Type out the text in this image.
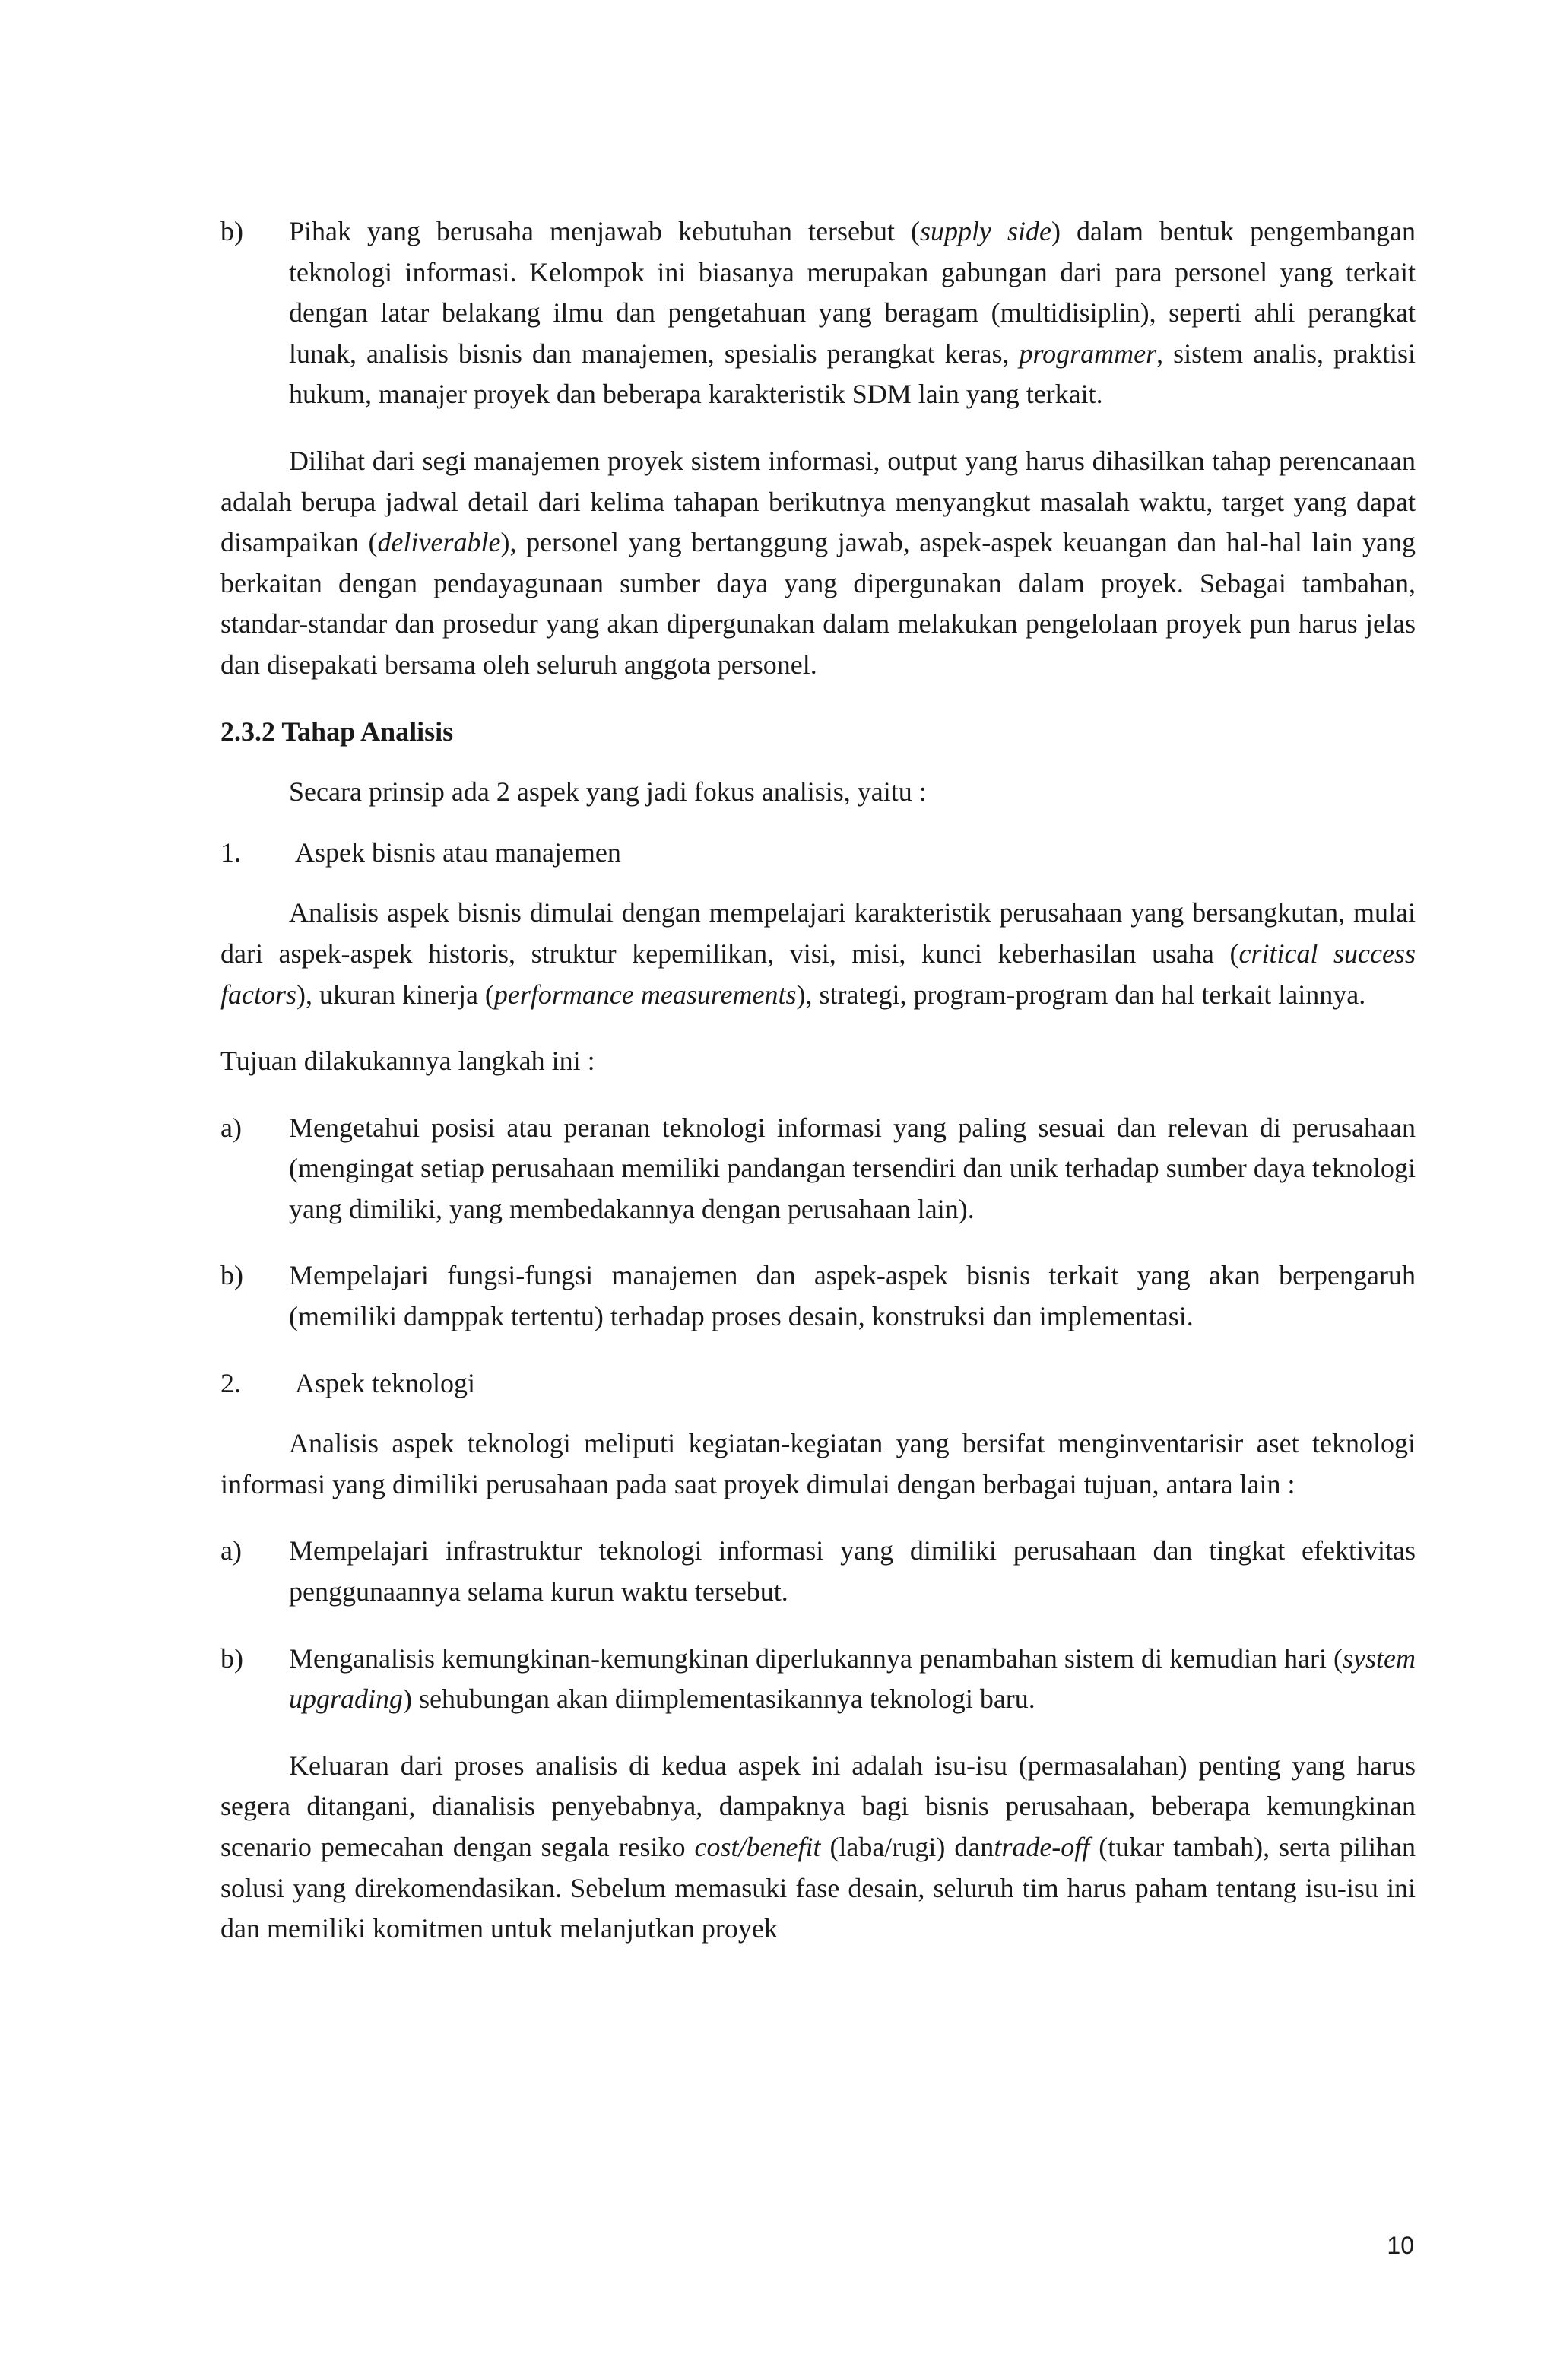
b)	Pihak yang berusaha menjawab kebutuhan tersebut (supply side) dalam bentuk pengembangan teknologi informasi. Kelompok ini biasanya merupakan gabungan dari para personel yang terkait dengan latar belakang ilmu dan pengetahuan yang beragam (multidisiplin), seperti ahli perangkat lunak, analisis bisnis dan manajemen, spesialis perangkat keras, programmer, sistem analis, praktisi hukum, manajer proyek dan beberapa karakteristik SDM lain yang terkait.

Dilihat dari segi manajemen proyek sistem informasi, output yang harus dihasilkan tahap perencanaan adalah berupa jadwal detail dari kelima tahapan berikutnya menyangkut masalah waktu, target yang dapat disampaikan (deliverable), personel yang bertanggung jawab, aspek-aspek keuangan dan hal-hal lain yang berkaitan dengan pendayagunaan sumber daya yang dipergunakan dalam proyek. Sebagai tambahan, standar-standar dan prosedur yang akan dipergunakan dalam melakukan pengelolaan proyek pun harus jelas dan disepakati bersama oleh seluruh anggota personel.

2.3.2 Tahap Analisis

Secara prinsip ada 2 aspek yang jadi fokus analisis, yaitu :

1.	Aspek bisnis atau manajemen

Analisis aspek bisnis dimulai dengan mempelajari karakteristik perusahaan yang bersangkutan, mulai dari aspek-aspek historis, struktur kepemilikan, visi, misi, kunci keberhasilan usaha (critical success factors), ukuran kinerja (performance measurements), strategi, program-program dan hal terkait lainnya.

Tujuan dilakukannya langkah ini :

a)	Mengetahui posisi atau peranan teknologi informasi yang paling sesuai dan relevan di perusahaan (mengingat setiap perusahaan memiliki pandangan tersendiri dan unik terhadap sumber daya teknologi yang dimiliki, yang membedakannya dengan perusahaan lain).

b)	Mempelajari fungsi-fungsi manajemen dan aspek-aspek bisnis terkait yang akan berpengaruh (memiliki damppak tertentu) terhadap proses desain, konstruksi dan implementasi.

2.	Aspek teknologi

Analisis aspek teknologi meliputi kegiatan-kegiatan yang bersifat menginventarisir aset teknologi informasi yang dimiliki perusahaan pada saat proyek dimulai dengan berbagai tujuan, antara lain :

a)	Mempelajari infrastruktur teknologi informasi yang dimiliki perusahaan dan tingkat efektivitas penggunaannya selama kurun waktu tersebut.

b)	Menganalisis kemungkinan-kemungkinan diperlukannya penambahan sistem di kemudian hari (system upgrading) sehubungan akan diimplementasikannya teknologi baru.

Keluaran dari proses analisis di kedua aspek ini adalah isu-isu (permasalahan) penting yang harus segera ditangani, dianalisis penyebabnya, dampaknya bagi bisnis perusahaan, beberapa kemungkinan scenario pemecahan dengan segala resiko cost/benefit (laba/rugi) dantrade-off (tukar tambah), serta pilihan solusi yang direkomendasikan. Sebelum memasuki fase desain, seluruh tim harus paham tentang isu-isu ini dan memiliki komitmen untuk melanjutkan proyek

10
